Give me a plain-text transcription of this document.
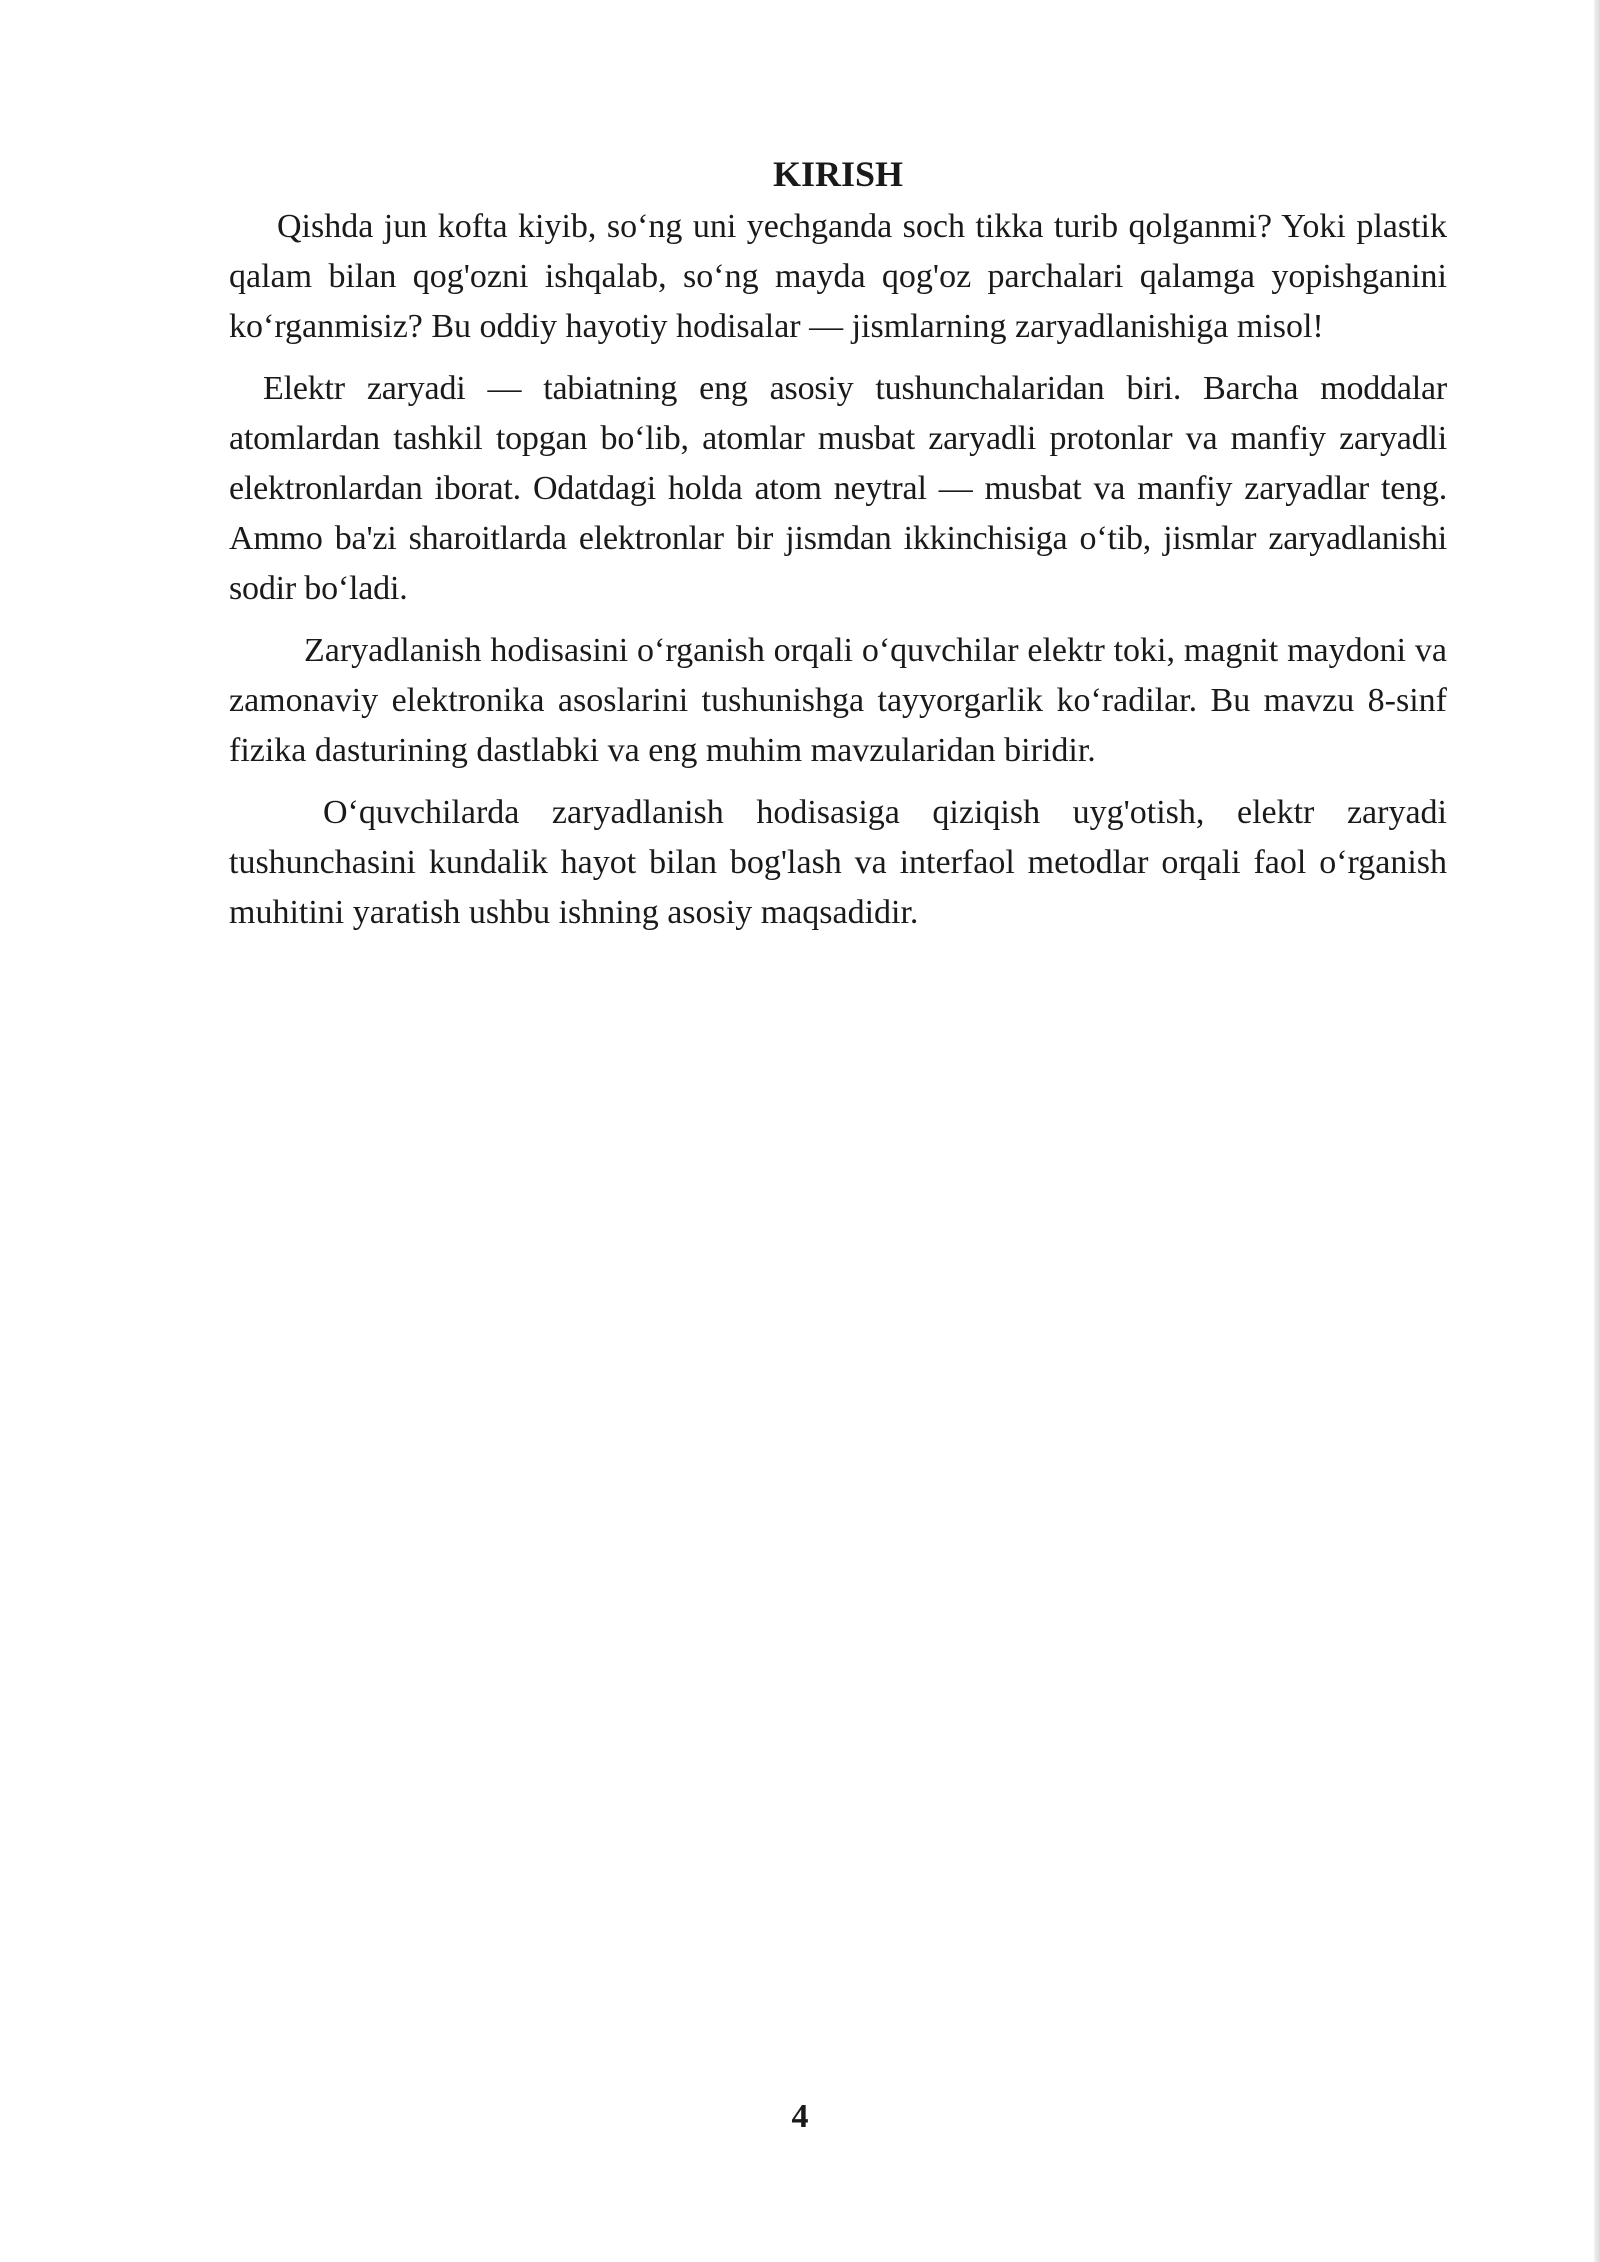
KIRISH

Qishda jun kofta kiyib, so‘ng uni yechganda soch tikka turib qolganmi? Yoki plastik qalam bilan qog'ozni ishqalab, so‘ng mayda qog'oz parchalari qalamga yopishganini ko‘rganmisiz? Bu oddiy hayotiy hodisalar — jismlarning zaryadlanishiga misol!

Elektr zaryadi — tabiatning eng asosiy tushunchalaridan biri. Barcha moddalar atomlardan tashkil topgan bo‘lib, atomlar musbat zaryadli protonlar va manfiy zaryadli elektronlardan iborat. Odatdagi holda atom neytral — musbat va manfiy zaryadlar teng. Ammo ba'zi sharoitlarda elektronlar bir jismdan ikkinchisiga o‘tib, jismlar zaryadlanishi sodir bo‘ladi.

Zaryadlanish hodisasini o‘rganish orqali o‘quvchilar elektr toki, magnit maydoni va zamonaviy elektronika asoslarini tushunishga tayyorgarlik ko‘radilar. Bu mavzu 8-sinf fizika dasturining dastlabki va eng muhim mavzularidan biridir.

O‘quvchilarda zaryadlanish hodisasiga qiziqish uyg'otish, elektr zaryadi tushunchasini kundalik hayot bilan bog'lash va interfaol metodlar orqali faol o‘rganish muhitini yaratish ushbu ishning asosiy maqsadidir.

4
